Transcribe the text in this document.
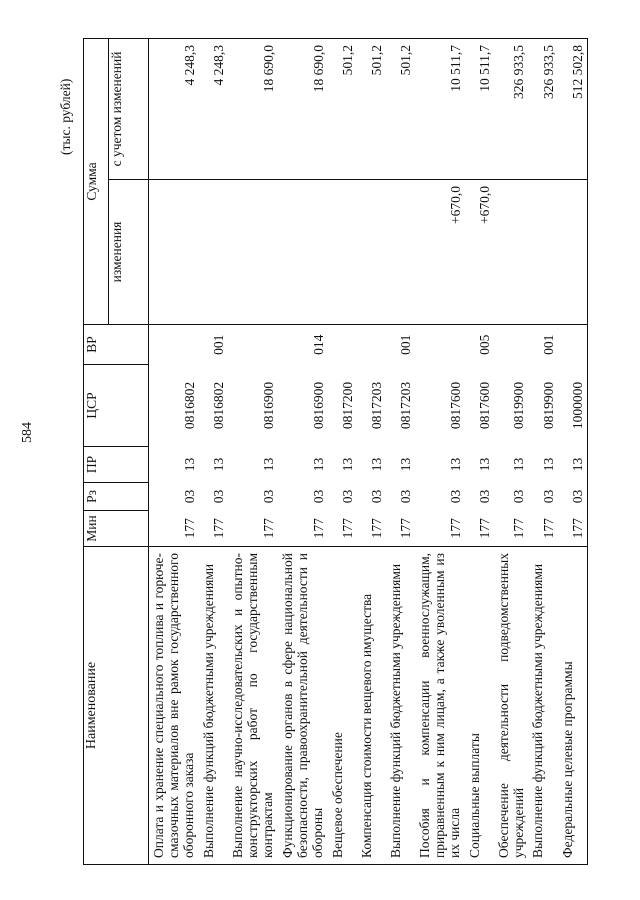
584
(тыс. рублей)
Наименование	Мин	Рз	ПР	ЦСР	ВР	Сумма	
						изменения	с учетом изменений
Оплата и хранение специального топлива и горюче-смазочных материалов вне рамок государственного оборонного заказа	177	03	13	0816802			4 248,3
Выполнение функций бюджетными учреждениями	177	03	13	0816802	001		4 248,3
Выполнение научно-исследовательских и опытно-конструкторских работ по государственным контрактам	177	03	13	0816900			18 690,0
Функционирование органов в сфере национальной безопасности, правоохранительной деятельности и обороны	177	03	13	0816900	014		18 690,0
Вещевое обеспечение	177	03	13	0817200			501,2
Компенсация стоимости вещевого имущества	177	03	13	0817203			501,2
Выполнение функций бюджетными учреждениями	177	03	13	0817203	001		501,2
Пособия и компенсации военнослужащим, приравненным к ним лицам, а также уволенным из их числа	177	03	13	0817600		+670,0	10 511,7
Социальные выплаты	177	03	13	0817600	005	+670,0	10 511,7
Обеспечение деятельности подведомственных учреждений	177	03	13	0819900			326 933,5
Выполнение функций бюджетными учреждениями	177	03	13	0819900	001		326 933,5
Федеральные целевые программы	177	03	13	1000000			512 502,8
